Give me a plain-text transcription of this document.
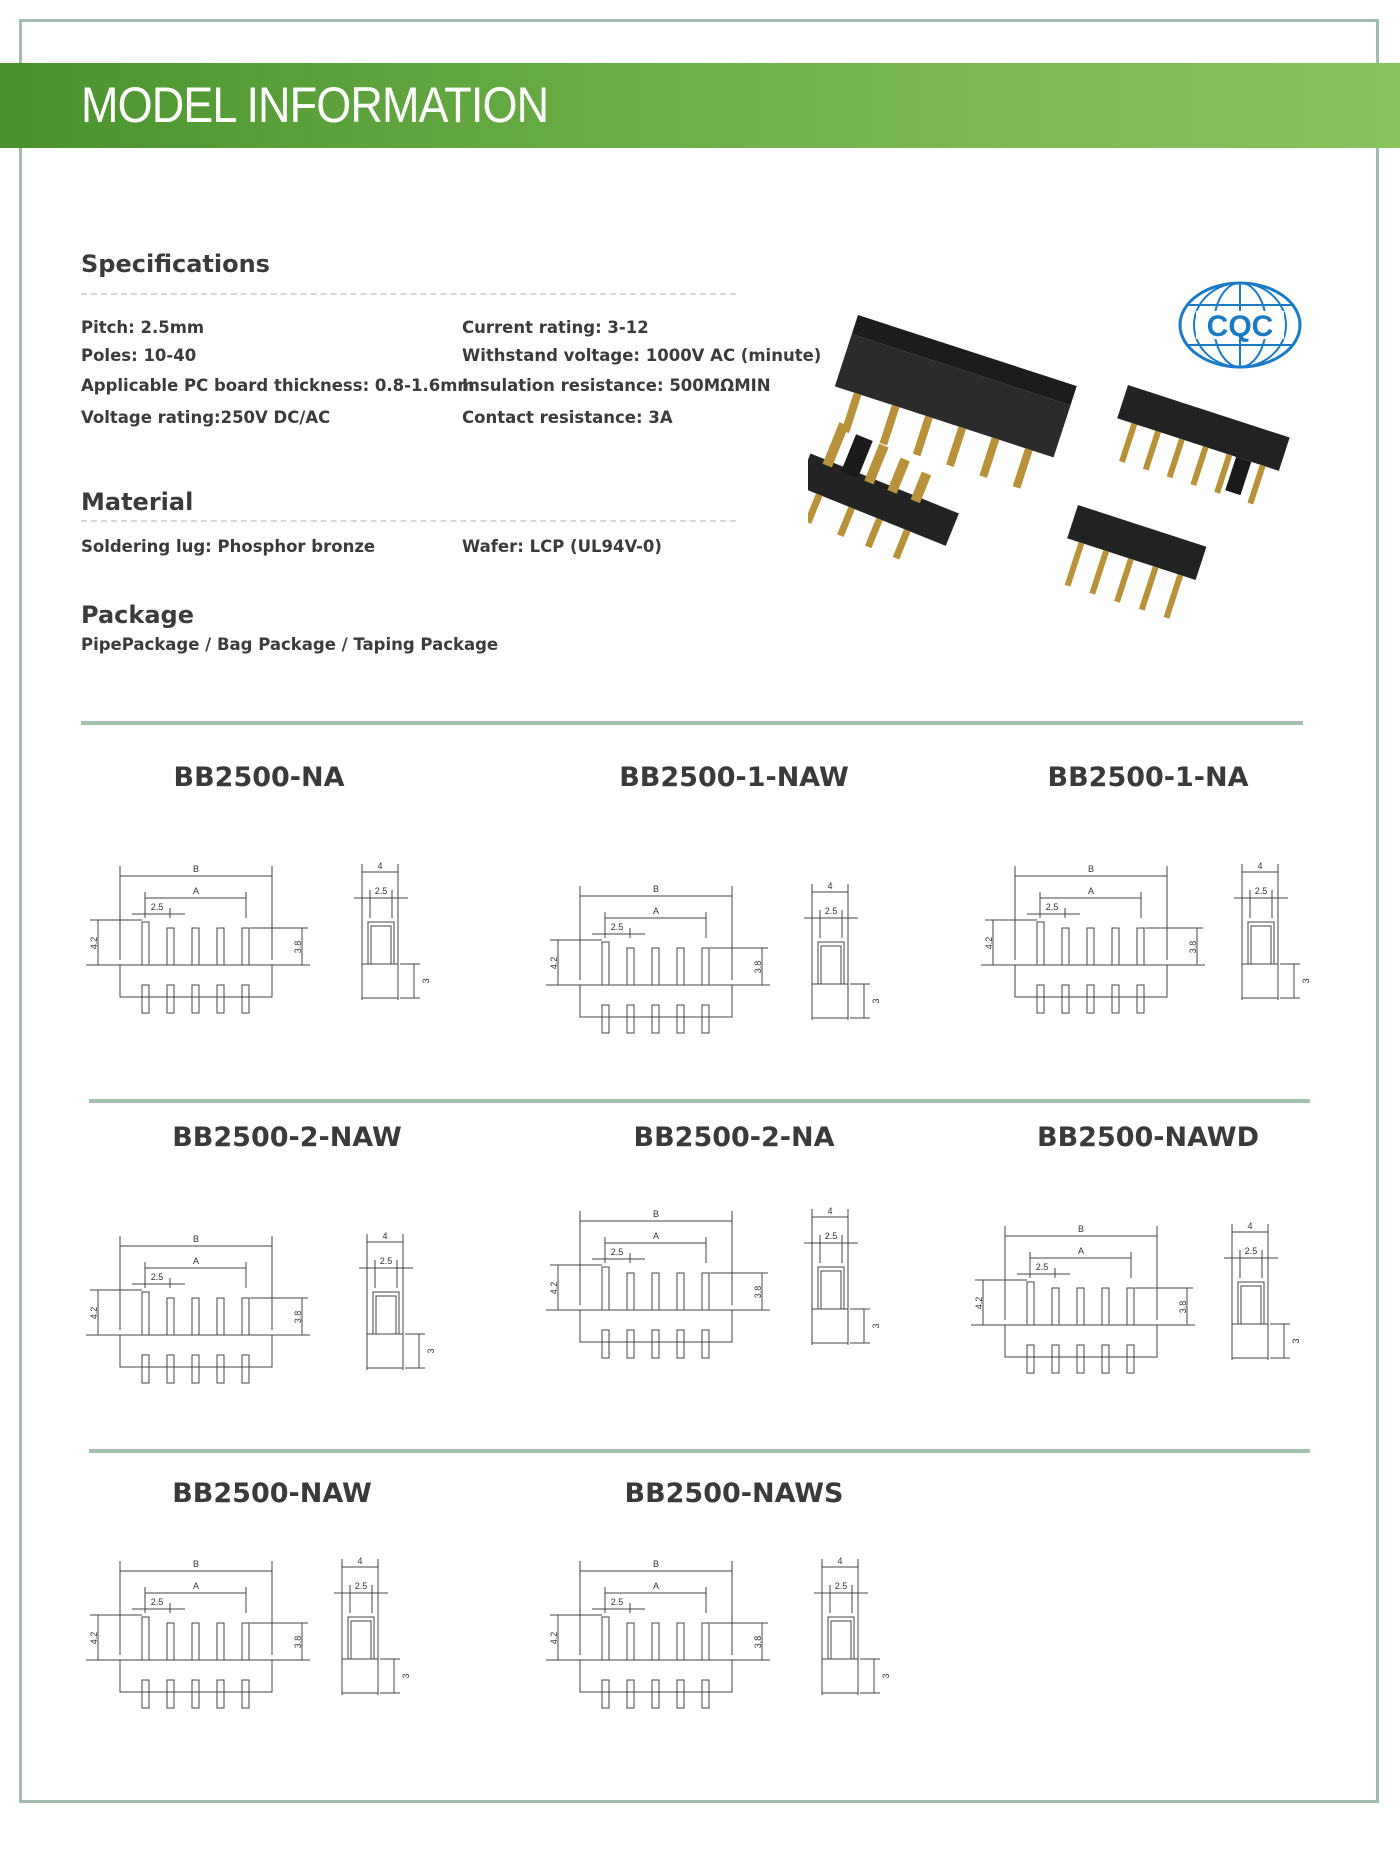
MODEL INFORMATION
Specifications
Pitch: 2.5mm
Poles: 10-40
Applicable PC board thickness: 0.8-1.6mm
Voltage rating:250V DC/AC
Current rating: 3-12
Withstand voltage: 1000V AC (minute)
Insulation resistance: 500MΩMIN
Contact resistance: 3A
Material
Soldering lug: Phosphor bronze	Wafer: LCP (UL94V-0)
Package
PipePackage / Bag Package / Taping Package
CQC
BB2500-NA	BB2500-1-NAW	BB2500-1-NA
BB2500-2-NAW	BB2500-2-NA	BB2500-NAWD
BB2500-NAW	BB2500-NAWS
B
A
2.5
4.2	3.8
4
2.5
3
B
A
2.5
4.2	3.8
4
2.5
3
B
A
2.5
4.2	3.8
4
2.5
3
B
A
2.5
4.2	3.8
4
2.5
3
B
A
2.5
4.2	3.8
4
2.5
3
B
A
2.5
4.2	3.8
4
2.5
3
B
A
2.5
4.2	3.8
4
2.5
3
B
A
2.5
4.2	3.8
4
2.5
3
